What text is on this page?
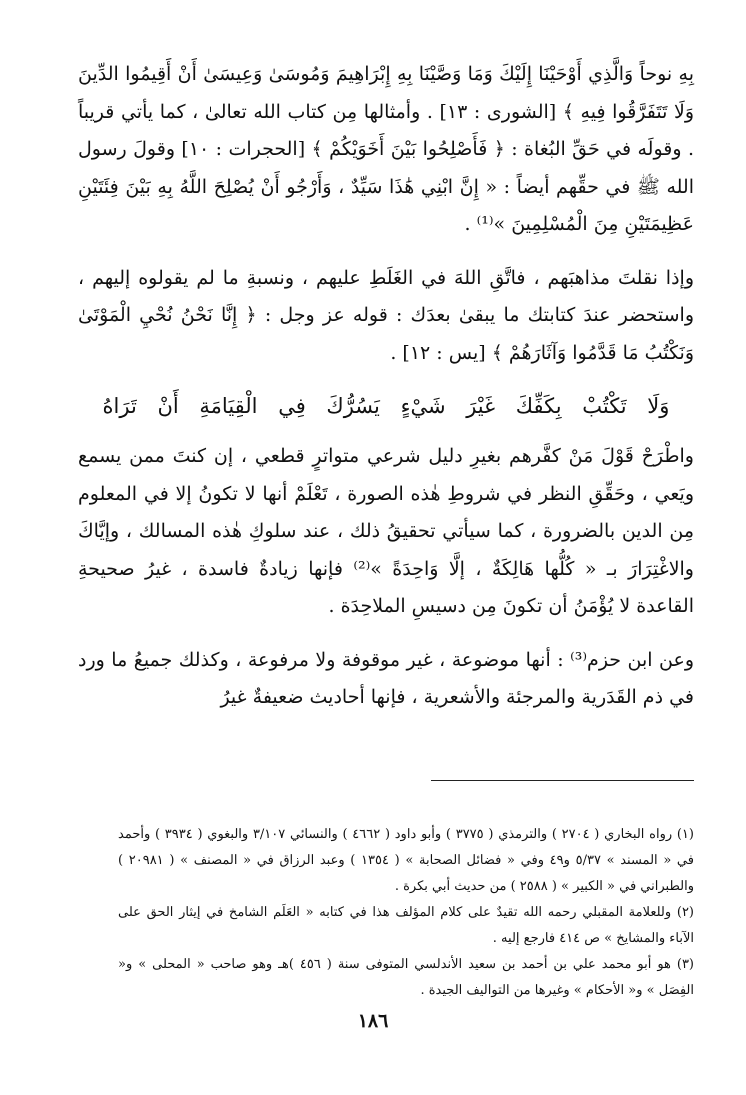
بِهِ نوحاً وَالَّذِي أَوْحَيْنَا إِلَيْكَ وَمَا وَصَّيْنَا بِهِ إِبْرَاهِيمَ وَمُوسَىٰ وَعِيسَىٰ أَنْ أَقِيمُوا الدِّينَ وَلَا تَتَفَرَّقُوا فِيهِ ﴾ [الشورى : ١٣] . وأمثالها مِن كتاب الله تعالىٰ ، كما يأتي قريباً . وقولَه في حَقِّ البُغاة : ﴿ فَأَصْلِحُوا بَيْنَ أَخَوَيْكُمْ ﴾ [الحجرات : ١٠] وقولَ رسول الله ﷺ في حقِّهم أيضاً : « إِنَّ ابْنِي هَٰذَا سَيِّدٌ ، وَأَرْجُو أَنْ يُصْلِحَ اللَّهُ بِهِ بَيْنَ فِئَتَيْنِ عَظِيمَتَيْنِ مِنَ الْمُسْلِمِينَ »⁽¹⁾ .

وإذا نقلتَ مذاهبَهم ، فاتَّقِ اللهَ في الغَلَطِ عليهم ، ونسبةِ ما لم يقولوه إليهم ، واستحضر عندَ كتابتك ما يبقىٰ بعدَك : قوله عز وجل : ﴿ إِنَّا نَحْنُ نُحْيِ الْمَوْتَىٰ وَنَكْتُبُ مَا قَدَّمُوا وَآثَارَهُمْ ﴾ [يس : ١٢] .

وَلَا تَكْتُبْ بِكَفِّكَ غَيْرَ شَيْءٍ يَسُرُّكَ فِي الْقِيَامَةِ أَنْ تَرَاهُ

واطْرَحْ قَوْلَ مَنْ كفَّرهم بغيرِ دليل شرعي متواترٍ قطعي ، إن كنتَ ممن يسمع ويَعي ، وحَقِّقِ النظر في شروطِ هٰذه الصورة ، تَعْلَمْ أنها لا تكونُ إلا في المعلوم مِن الدين بالضرورة ، كما سيأتي تحقيقُ ذلك ، عند سلوكِ هٰذه المسالك ، وإيَّاكَ والاغْتِرَارَ بـ « كُلُّها هَالِكَةٌ ، إلَّا وَاحِدَةً »⁽²⁾ فإنها زيادةٌ فاسدة ، غيرُ صحيحةِ القاعدة لا يُؤْمَنُ أن تكونَ مِن دسيسِ الملاحِدَة .

وعن ابن حزم⁽³⁾ : أنها موضوعة ، غير موقوفة ولا مرفوعة ، وكذلك جميعُ ما ورد في ذم القَدَرية والمرجئة والأشعرية ، فإنها أحاديث ضعيفةٌ غيرُ

(١) رواه البخاري ( ٢٧٠٤ ) والترمذي ( ٣٧٧٥ ) وأبو داود ( ٤٦٦٢ ) والنسائي ٣/١٠٧ والبغوي ( ٣٩٣٤ ) وأحمد في « المسند » ٥/٣٧ و٤٩ وفي « فضائل الصحابة » ( ١٣٥٤ ) وعبد الرزاق في « المصنف » ( ٢٠٩٨١ ) والطبراني في « الكبير » ( ٢٥٨٨ ) من حديث أبي بكرة .

(٢) وللعلامة المقبلي رحمه الله تقيدٌ على كلام المؤلف هذا في كتابه « العَلَم الشامخ في إيثار الحق على الآباء والمشايخ » ص ٤١٤ فارجع إليه .

(٣) هو أبو محمد علي بن أحمد بن سعيد الأندلسي المتوفى سنة ( ٤٥٦ )هـ وهو صاحب « المحلى » و« الفِصَل » و« الأحكام » وغيرها من التواليف الجيدة .

١٨٦
